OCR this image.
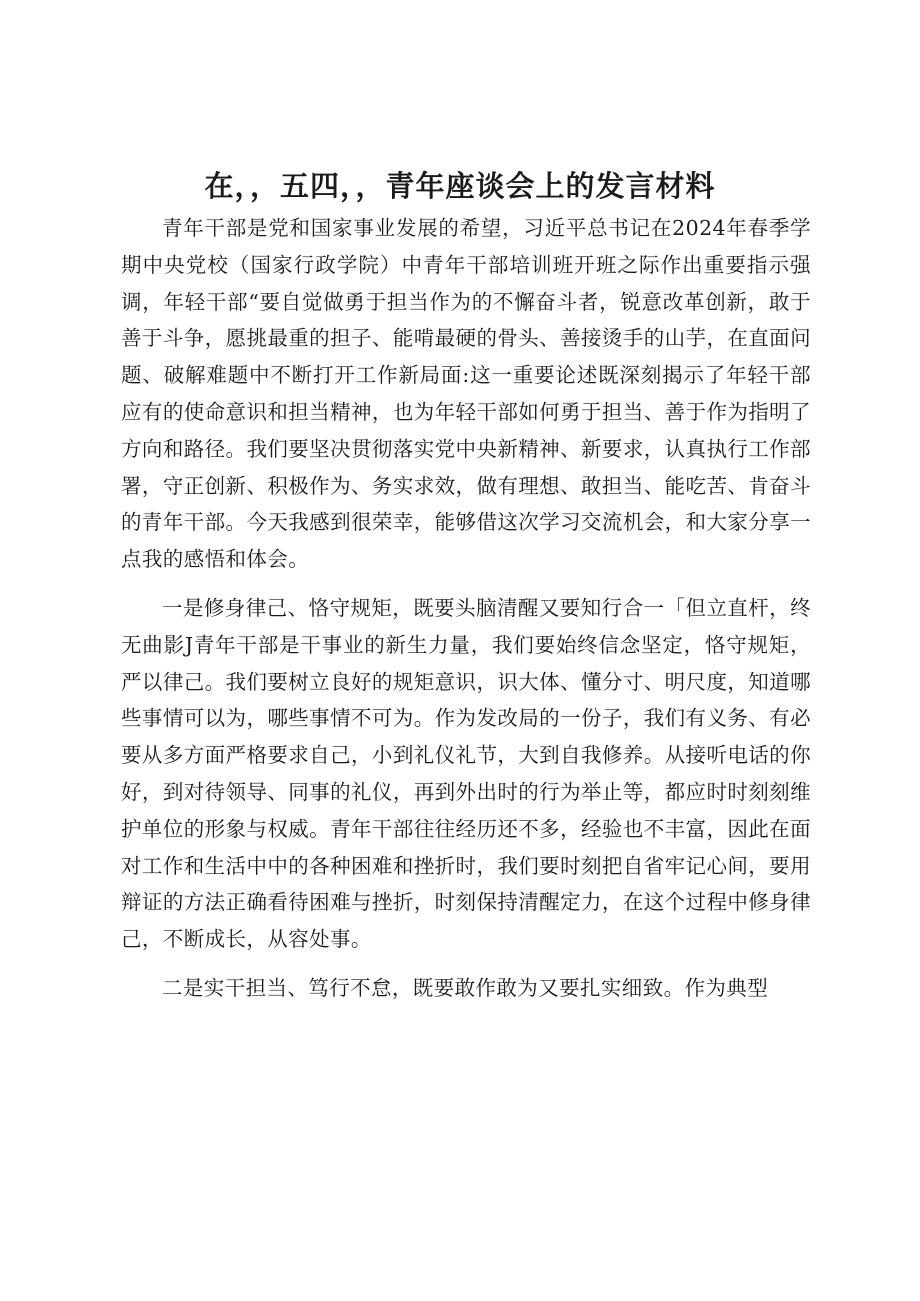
在，，五四，，青年座谈会上的发言材料

青年干部是党和国家事业发展的希望，习近平总书记在2024年春季学期中央党校（国家行政学院）中青年干部培训班开班之际作出重要指示强调，年轻干部“要自觉做勇于担当作为的不懈奋斗者，锐意改革创新，敢于善于斗争，愿挑最重的担子、能啃最硬的骨头、善接烫手的山芋，在直面问题、破解难题中不断打开工作新局面:这一重要论述既深刻揭示了年轻干部应有的使命意识和担当精神，也为年轻干部如何勇于担当、善于作为指明了方向和路径。我们要坚决贯彻落实党中央新精神、新要求，认真执行工作部署，守正创新、积极作为、务实求效，做有理想、敢担当、能吃苦、肯奋斗的青年干部。今天我感到很荣幸，能够借这次学习交流机会，和大家分享一点我的感悟和体会。

一是修身律己、恪守规矩，既要头脑清醒又要知行合一「但立直杆，终无曲影J青年干部是干事业的新生力量，我们要始终信念坚定，恪守规矩，严以律己。我们要树立良好的规矩意识，识大体、懂分寸、明尺度，知道哪些事情可以为，哪些事情不可为。作为发改局的一份子，我们有义务、有必要从多方面严格要求自己，小到礼仪礼节，大到自我修养。从接听电话的你好，到对待领导、同事的礼仪，再到外出时的行为举止等，都应时时刻刻维护单位的形象与权威。青年干部往往经历还不多，经验也不丰富，因此在面对工作和生活中中的各种困难和挫折时，我们要时刻把自省牢记心间，要用辩证的方法正确看待困难与挫折，时刻保持清醒定力，在这个过程中修身律己，不断成长，从容处事。

二是实干担当、笃行不怠，既要敢作敢为又要扎实细致。作为典型
